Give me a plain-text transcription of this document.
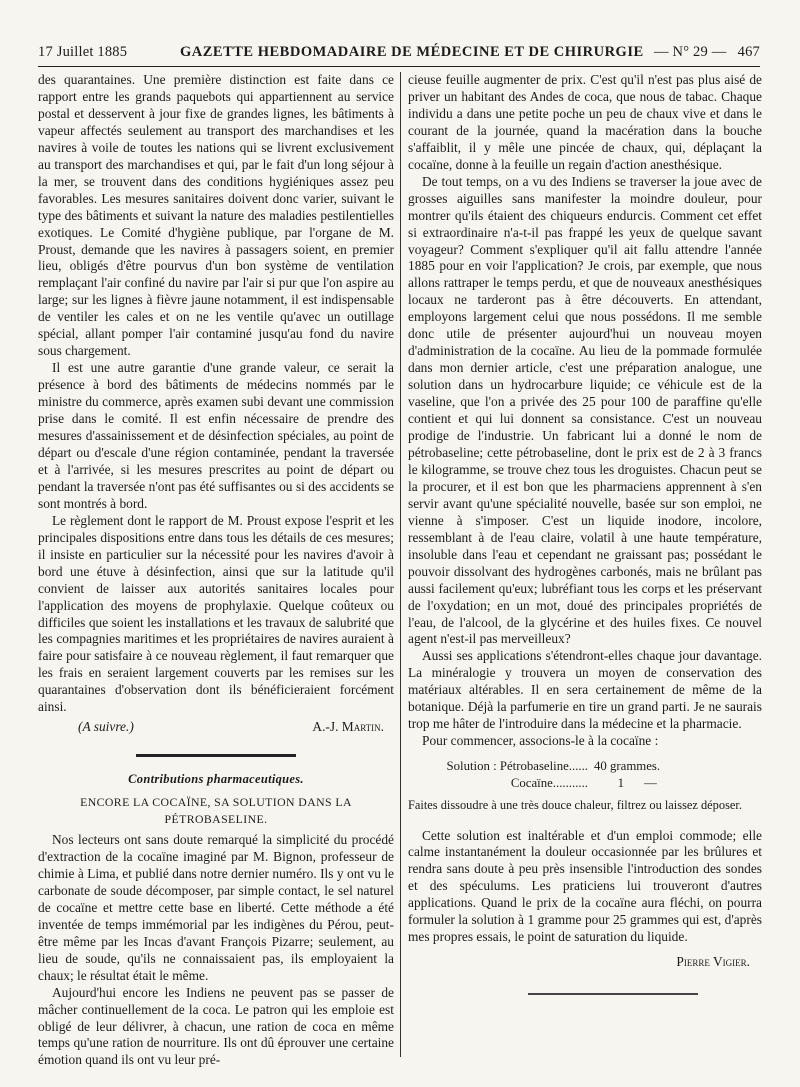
17 Juillet 1885	GAZETTE HEBDOMADAIRE DE MÉDECINE ET DE CHIRURGIE — N° 29 — 467

des quarantaines. Une première distinction est faite dans ce rapport entre les grands paquebots qui appartiennent au service postal et desservent à jour fixe de grandes lignes, les bâtiments à vapeur affectés seulement au transport des marchandises et les navires à voile de toutes les nations qui se livrent exclusivement au transport des marchandises et qui, par le fait d'un long séjour à la mer, se trouvent dans des conditions hygiéniques assez peu favorables. Les mesures sanitaires doivent donc varier, suivant le type des bâtiments et suivant la nature des maladies pestilentielles exotiques. Le Comité d'hygiène publique, par l'organe de M. Proust, demande que les navires à passagers soient, en premier lieu, obligés d'être pourvus d'un bon système de ventilation remplaçant l'air confiné du navire par l'air si pur que l'on aspire au large; sur les lignes à fièvre jaune notamment, il est indispensable de ventiler les cales et on ne les ventile qu'avec un outillage spécial, allant pomper l'air contaminé jusqu'au fond du navire sous chargement.

Il est une autre garantie d'une grande valeur, ce serait la présence à bord des bâtiments de médecins nommés par le ministre du commerce, après examen subi devant une commission prise dans le comité. Il est enfin nécessaire de prendre des mesures d'assainissement et de désinfection spéciales, au point de départ ou d'escale d'une région contaminée, pendant la traversée et à l'arrivée, si les mesures prescrites au point de départ ou pendant la traversée n'ont pas été suffisantes ou si des accidents se sont montrés à bord.

Le règlement dont le rapport de M. Proust expose l'esprit et les principales dispositions entre dans tous les détails de ces mesures; il insiste en particulier sur la nécessité pour les navires d'avoir à bord une étuve à désinfection, ainsi que sur la latitude qu'il convient de laisser aux autorités sanitaires locales pour l'application des moyens de prophylaxie. Quelque coûteux ou difficiles que soient les installations et les travaux de salubrité que les compagnies maritimes et les propriétaires de navires auraient à faire pour satisfaire à ce nouveau règlement, il faut remarquer que les frais en seraient largement couverts par les remises sur les quarantaines d'observation dont ils bénéficieraient forcément ainsi.

(A suivre.)	A.-J. Martin.
Contributions pharmaceutiques.
ENCORE LA COCAÏNE, SA SOLUTION DANS LA PÉTROBASELINE.

Nos lecteurs ont sans doute remarqué la simplicité du procédé d'extraction de la cocaïne imaginé par M. Bignon, professeur de chimie à Lima, et publié dans notre dernier numéro. Ils y ont vu le carbonate de soude décomposer, par simple contact, le sel naturel de cocaïne et mettre cette base en liberté. Cette méthode a été inventée de temps immémorial par les indigènes du Pérou, peut-être même par les Incas d'avant François Pizarre; seulement, au lieu de soude, qu'ils ne connaissaient pas, ils employaient la chaux; le résultat était le même.

Aujourd'hui encore les Indiens ne peuvent pas se passer de mâcher continuellement de la coca. Le patron qui les emploie est obligé de leur délivrer, à chacun, une ration de coca en même temps qu'une ration de nourriture. Ils ont dû éprouver une certaine émotion quand ils ont vu leur pré-

cieuse feuille augmenter de prix. C'est qu'il n'est pas plus aisé de priver un habitant des Andes de coca, que nous de tabac. Chaque individu a dans une petite poche un peu de chaux vive et dans le courant de la journée, quand la macération dans la bouche s'affaiblit, il y mêle une pincée de chaux, qui, déplaçant la cocaïne, donne à la feuille un regain d'action anesthésique.

De tout temps, on a vu des Indiens se traverser la joue avec de grosses aiguilles sans manifester la moindre douleur, pour montrer qu'ils étaient des chiqueurs endurcis. Comment cet effet si extraordinaire n'a-t-il pas frappé les yeux de quelque savant voyageur? Comment s'expliquer qu'il ait fallu attendre l'année 1885 pour en voir l'application? Je crois, par exemple, que nous allons rattraper le temps perdu, et que de nouveaux anesthésiques locaux ne tarderont pas à être découverts. En attendant, employons largement celui que nous possédons. Il me semble donc utile de présenter aujourd'hui un nouveau moyen d'administration de la cocaïne. Au lieu de la pommade formulée dans mon dernier article, c'est une préparation analogue, une solution dans un hydrocarbure liquide; ce véhicule est de la vaseline, que l'on a privée des 25 pour 100 de paraffine qu'elle contient et qui lui donnent sa consistance. C'est un nouveau prodige de l'industrie. Un fabricant lui a donné le nom de pétrobaseline; cette pétrobaseline, dont le prix est de 2 à 3 francs le kilogramme, se trouve chez tous les droguistes. Chacun peut se la procurer, et il est bon que les pharmaciens apprennent à s'en servir avant qu'une spécialité nouvelle, basée sur son emploi, ne vienne à s'imposer. C'est un liquide inodore, incolore, ressemblant à de l'eau claire, volatil à une haute température, insoluble dans l'eau et cependant ne graissant pas; possédant le pouvoir dissolvant des hydrogènes carbonés, mais ne brûlant pas aussi facilement qu'eux; lubréfiant tous les corps et les préservant de l'oxydation; en un mot, doué des principales propriétés de l'eau, de l'alcool, de la glycérine et des huiles fixes. Ce nouvel agent n'est-il pas merveilleux?

Aussi ses applications s'étendront-elles chaque jour davantage. La minéralogie y trouvera un moyen de conservation des matériaux altérables. Il en sera certainement de même de la botanique. Déjà la parfumerie en tire un grand parti. Je ne saurais trop me hâter de l'introduire dans la médecine et la pharmacie.

Pour commencer, associons-le à la cocaïne :

Solution : Pétrobaseline...... 40 grammes.
Cocaïne...........	1	—

Faites dissoudre à une très douce chaleur, filtrez ou laissez déposer.

Cette solution est inaltérable et d'un emploi commode; elle calme instantanément la douleur occasionnée par les brûlures et rendra sans doute à peu près insensible l'introduction des sondes et des spéculums. Les praticiens lui trouveront d'autres applications. Quand le prix de la cocaïne aura fléchi, on pourra formuler la solution à 1 gramme pour 25 grammes qui est, d'après mes propres essais, le point de saturation du liquide.

Pierre Vigier.
